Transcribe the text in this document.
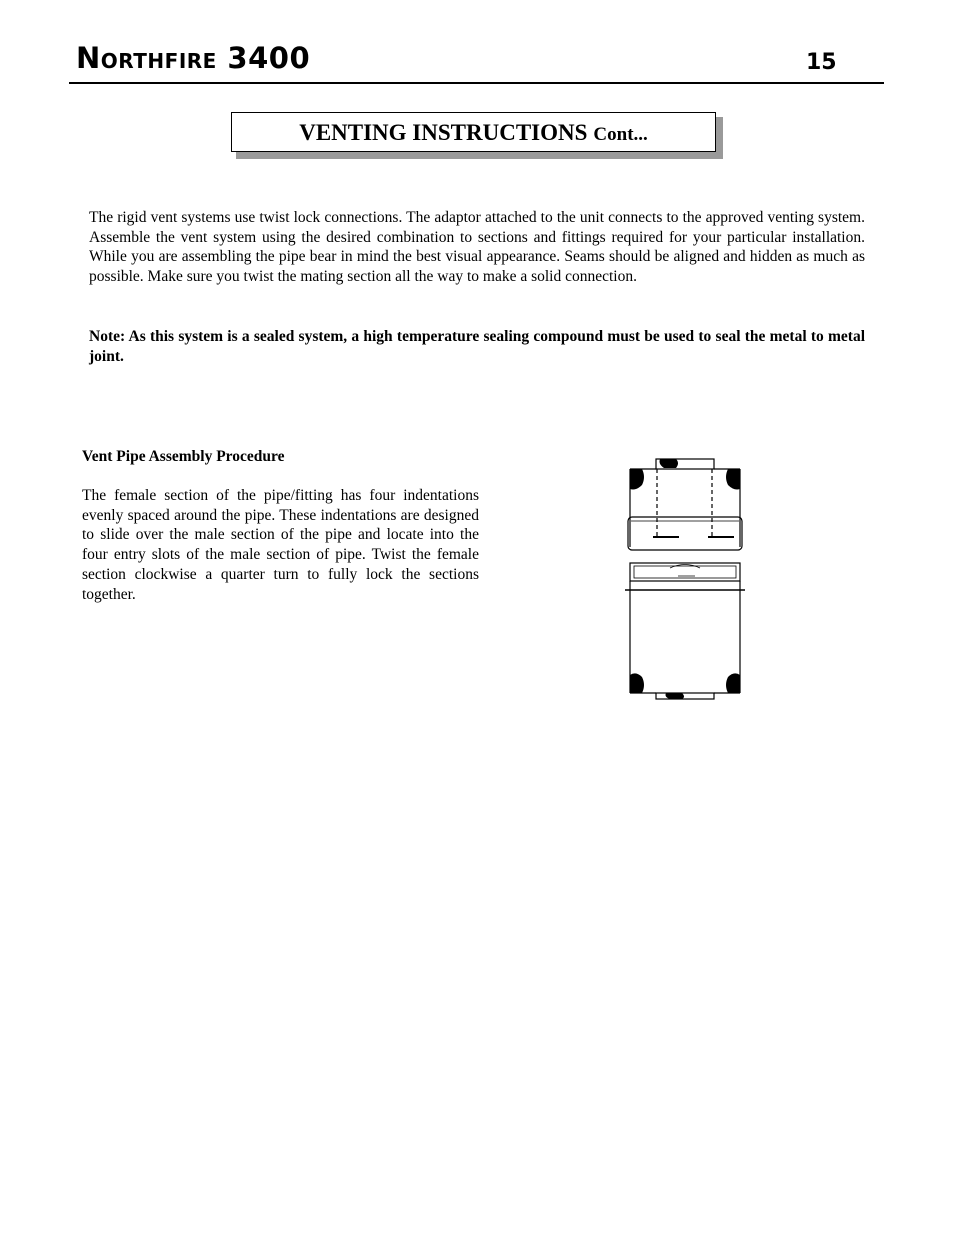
Northfire 3400	15
VENTING INSTRUCTIONS Cont...

The rigid vent systems use twist lock connections. The adaptor attached to the unit connects to the approved venting system. Assemble the vent system using the desired combination to sections and fittings required for your particular installation. While you are assembling the pipe bear in mind the best visual appearance. Seams should be aligned and hidden as much as possible. Make sure you twist the mating section all the way to make a solid connection.

Note: As this system is a sealed system, a high temperature sealing compound must be used to seal the metal to metal joint.

Vent Pipe Assembly Procedure

The female section of the pipe/fitting has four indentations evenly spaced around the pipe. These indentations are designed to slide over the male section of the pipe and locate into the four entry slots of the male section of pipe. Twist the female section clockwise a quarter turn to fully lock the sections together.
